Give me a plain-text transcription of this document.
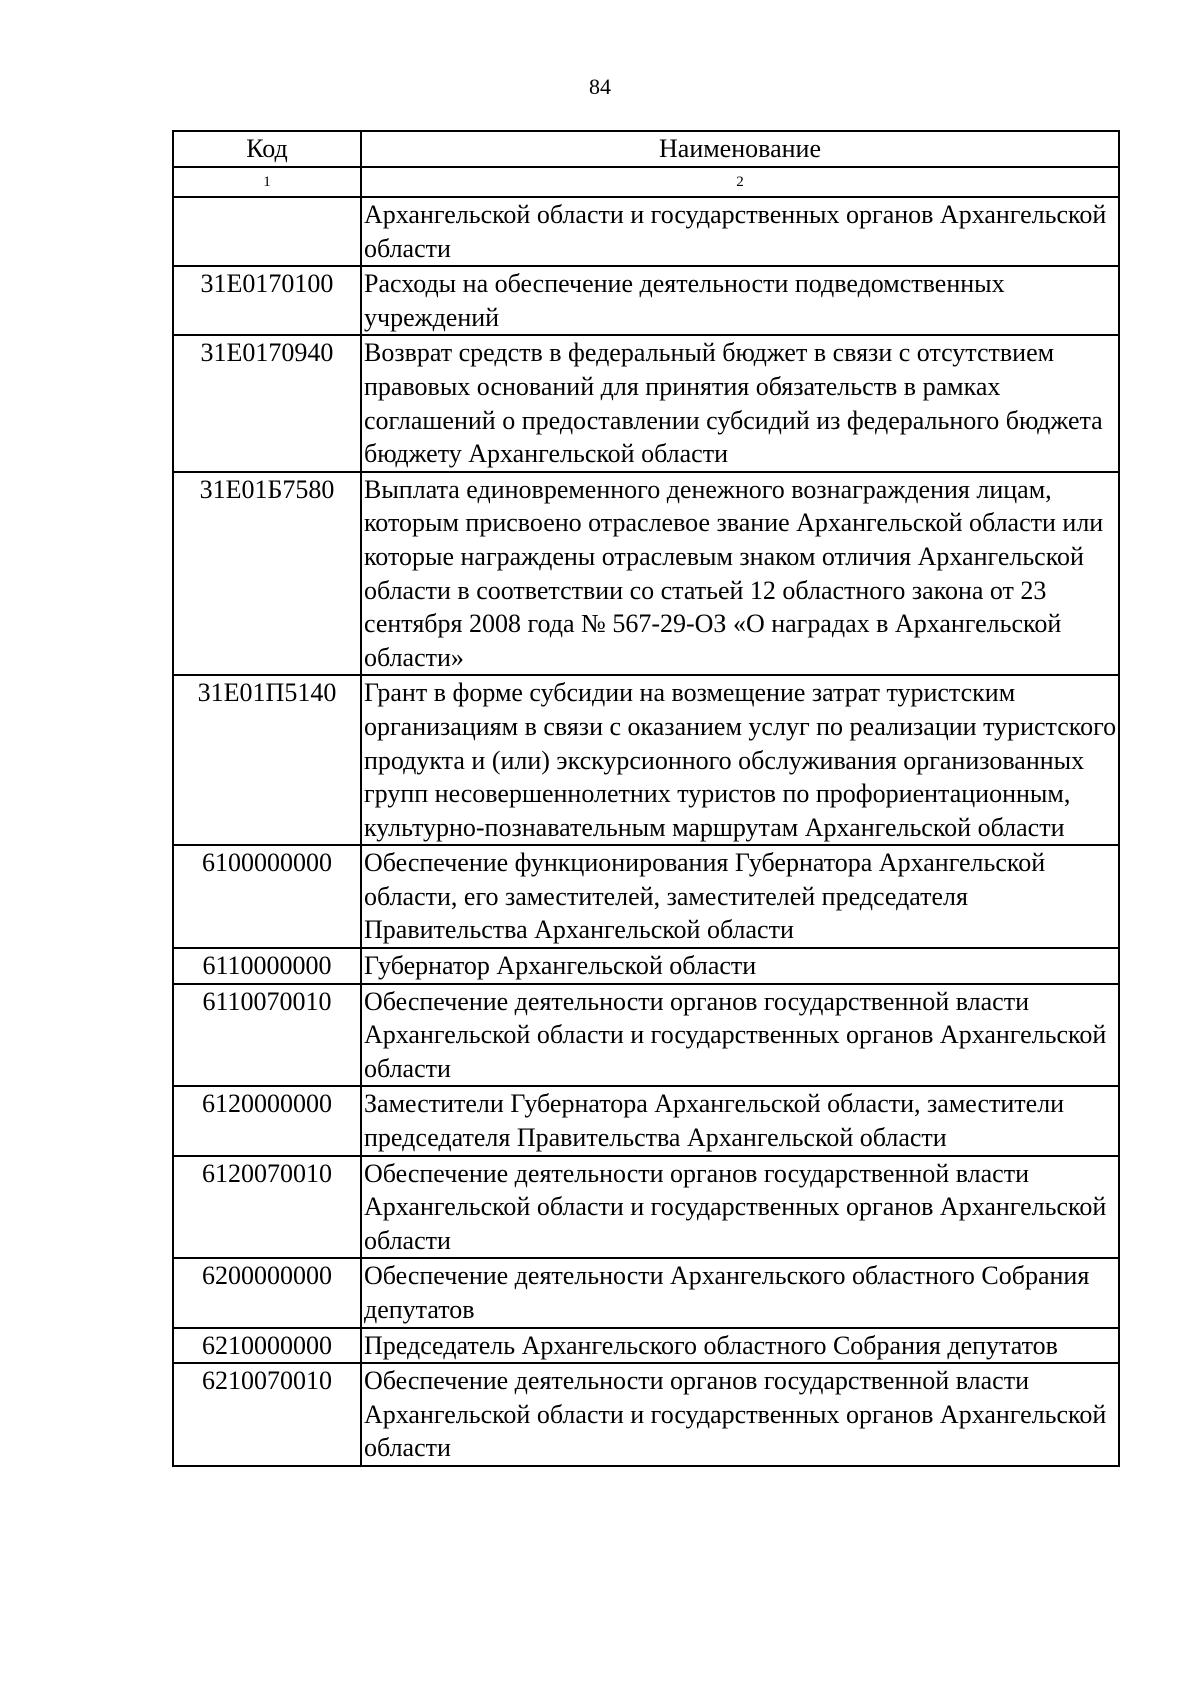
84
Код	Наименование
1	2
	Архангельской области и государственных органов Архангельской области
31Е0170100	Расходы на обеспечение деятельности подведомственных учреждений
31Е0170940	Возврат средств в федеральный бюджет в связи с отсутствием правовых оснований для принятия обязательств в рамках соглашений о предоставлении субсидий из федерального бюджета бюджету Архангельской области
31Е01Б7580	Выплата единовременного денежного вознаграждения лицам, которым присвоено отраслевое звание Архангельской области или которые награждены отраслевым знаком отличия Архангельской области в соответствии со статьей 12 областного закона от 23 сентября 2008 года № 567-29-ОЗ «О наградах в Архангельской области»
31Е01П5140	Грант в форме субсидии на возмещение затрат туристским организациям в связи с оказанием услуг по реализации туристского продукта и (или) экскурсионного обслуживания организованных групп несовершеннолетних туристов по профориентационным, культурно-познавательным маршрутам Архангельской области
6100000000	Обеспечение функционирования Губернатора Архангельской области, его заместителей, заместителей председателя Правительства Архангельской области
6110000000	Губернатор Архангельской области
6110070010	Обеспечение деятельности органов государственной власти Архангельской области и государственных органов Архангельской области
6120000000	Заместители Губернатора Архангельской области, заместители председателя Правительства Архангельской области
6120070010	Обеспечение деятельности органов государственной власти Архангельской области и государственных органов Архангельской области
6200000000	Обеспечение деятельности Архангельского областного Собрания депутатов
6210000000	Председатель Архангельского областного Собрания депутатов
6210070010	Обеспечение деятельности органов государственной власти Архангельской области и государственных органов Архангельской области
